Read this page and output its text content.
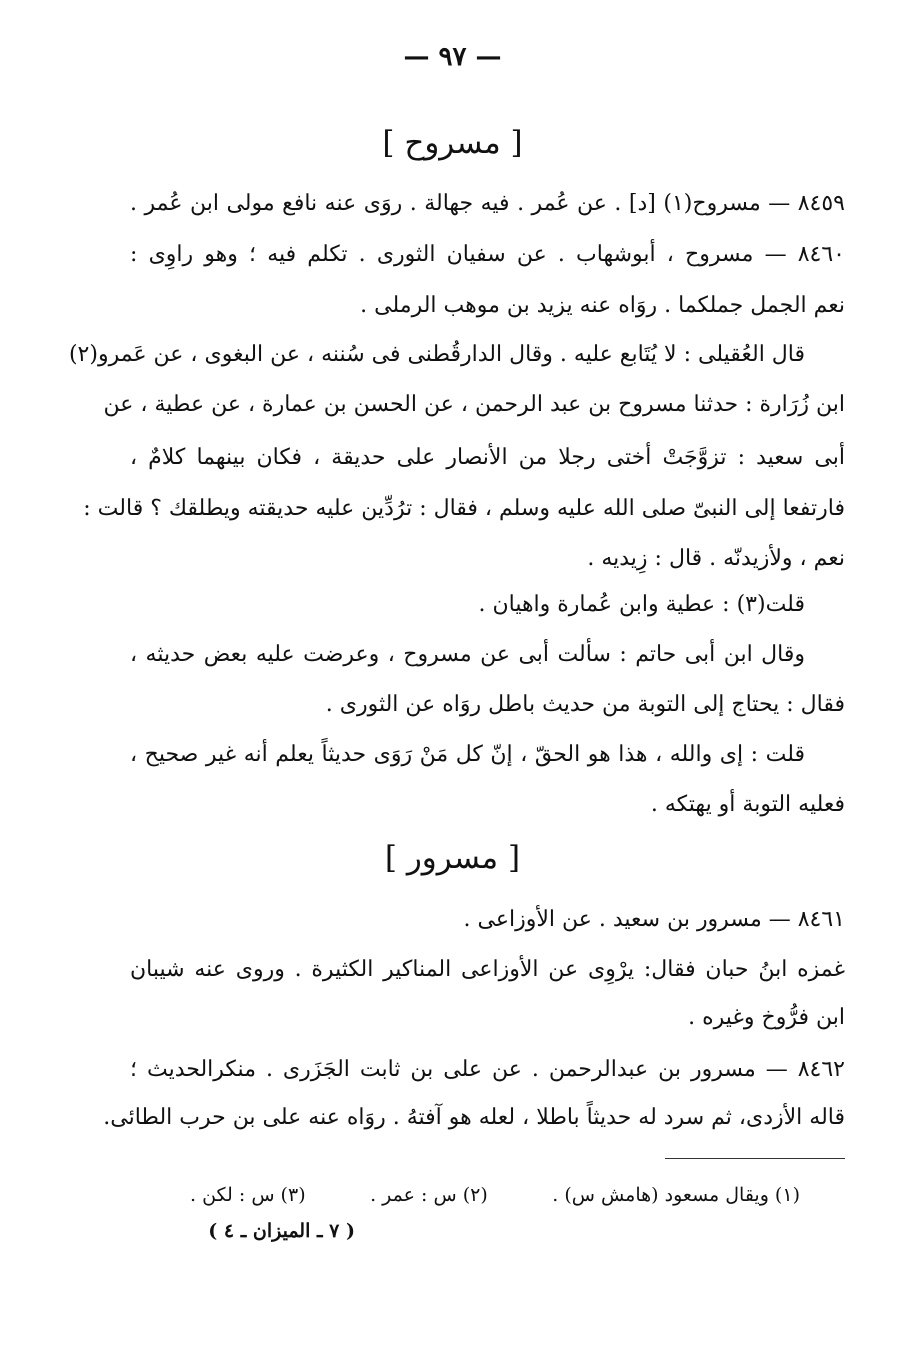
— ٩٧ —
[ مسروح ]
٨٤٥٩ — مسروح(١) [د] . عن عُمر . فيه جهالة . روَى عنه نافع مولى ابن عُمر .
٨٤٦٠ — مسروح ، أبوشهاب . عن سفيان الثورى . تكلم فيه ؛ وهو راوِى :
نعم الجمل جملكما . روَاه عنه يزيد بن موهب الرملى .
قال العُقيلى : لا يُتَابع عليه . وقال الدارقُطنى فى سُننه ، عن البغوى ، عن عَمرو(٢)
ابن زُرَارة : حدثنا مسروح بن عبد الرحمن ، عن الحسن بن عمارة ، عن عطية ، عن
أبى سعيد : تزوَّجَتْ أختى رجلا من الأنصار على حديقة ، فكان بينهما كلامٌ ،
فارتفعا إلى النبىّ صلى الله عليه وسلم ، فقال : ترُدِّين عليه حديقته ويطلقك ؟ قالت :
نعم ، ولأزيدنّه . قال : زِيديه .
قلت(٣) : عطية وابن عُمارة واهيان .
وقال ابن أبى حاتم : سألت أبى عن مسروح ، وعرضت عليه بعض حديثه ،
فقال : يحتاج إلى التوبة من حديث باطل روَاه عن الثورى .
قلت : إى والله ، هذا هو الحقّ ، إنّ كل مَنْ رَوَى حديثاً يعلم أنه غير صحيح ،
فعليه التوبة أو يهتكه .
[ مسرور ]
٨٤٦١ — مسرور بن سعيد . عن الأوزاعى .
غمزه ابنُ حبان فقال: يرْوِى عن الأوزاعى المناكير الكثيرة . وروى عنه شيبان
ابن فرُّوخ وغيره .
٨٤٦٢ — مسرور بن عبدالرحمن . عن على بن ثابت الجَزَرى . منكرالحديث ؛
قاله الأزدى، ثم سرد له حديثاً باطلا ، لعله هو آفتهُ . روَاه عنه على بن حرب الطائى.
(١) ويقال مسعود (هامش س) .
(٢) س : عمر .
(٣) س : لكن .
( ٧ ـ الميزان ـ ٤ )
